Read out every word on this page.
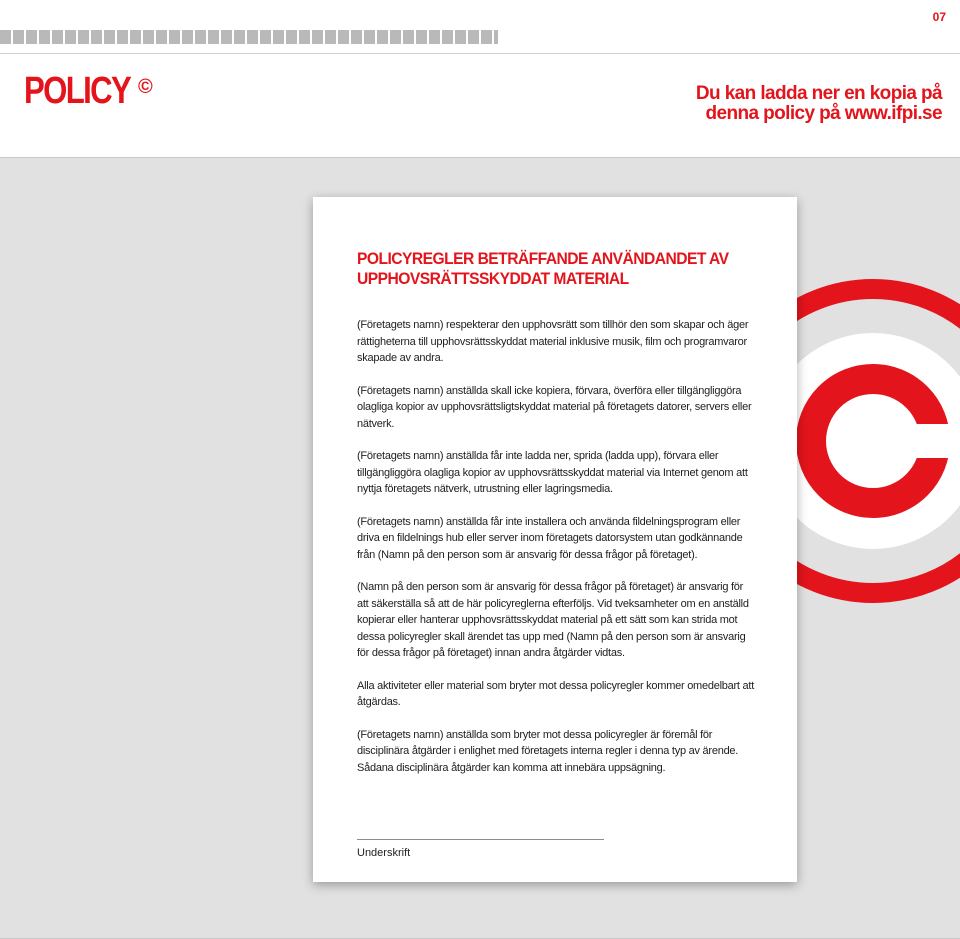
07
POLICY ©	Du kan ladda ner en kopia på denna policy på www.ifpi.se
POLICYREGLER BETRÄFFANDE ANVÄNDANDET AV UPPHOVSRÄTTSSKYDDAT MATERIAL

(Företagets namn) respekterar den upphovsrätt som tillhör den som skapar och äger rättigheterna till upphovsrättsskyddat material inklusive musik, film och programvaror skapade av andra.

(Företagets namn) anställda skall icke kopiera, förvara, överföra eller tillgängliggöra olagliga kopior av upphovsrättsligtskyddat material på företagets datorer, servers eller nätverk.

(Företagets namn) anställda får inte ladda ner, sprida (ladda upp), förvara eller tillgängliggöra olagliga kopior av upphovsrättsskyddat material via Internet genom att nyttja företagets nätverk, utrustning eller lagringsmedia.

(Företagets namn) anställda får inte installera och använda fildelningsprogram eller driva en fildelnings hub eller server inom företagets datorsystem utan godkännande från (Namn på den person som är ansvarig för dessa frågor på företaget).

(Namn på den person som är ansvarig för dessa frågor på företaget) är ansvarig för att säkerställa så att de här policyreglerna efterföljs. Vid tveksamheter om en anställd kopierar eller hanterar upphovsrättsskyddat material på ett sätt som kan strida mot dessa policyregler skall ärendet tas upp med (Namn på den person som är ansvarig för dessa frågor på företaget) innan andra åtgärder vidtas.

Alla aktiviteter eller material som bryter mot dessa policyregler kommer omedelbart att åtgärdas.

(Företagets namn) anställda som bryter mot dessa policyregler är föremål för disciplinära åtgärder i enlighet med företagets interna regler i denna typ av ärende. Sådana disciplinära åtgärder kan komma att innebära uppsägning.

Underskrift
